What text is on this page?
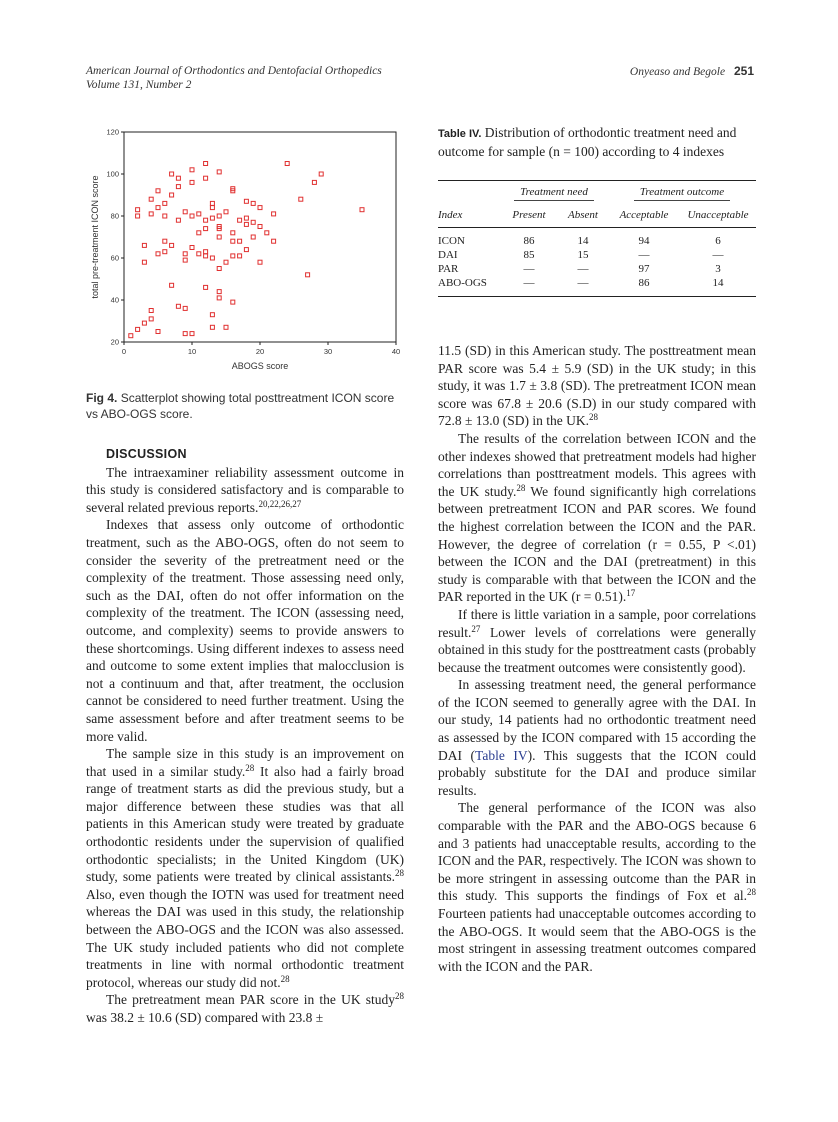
American Journal of Orthodontics and Dentofacial Orthopedics
Volume 131, Number 2
Onyeaso and Begole 251
0	10	20	30	40
20
40
60
80
100
120
ABOGS score
total pre-treatment ICON score
Fig 4. Scatterplot showing total posttreatment ICON score vs ABO-OGS score.
Table IV. Distribution of orthodontic treatment need and outcome for sample (n = 100) according to 4 indexes
	Treatment need		Treatment outcome	
Index	Present	Absent	Acceptable	Unacceptable
ICON	86	14	94	6
DAI	85	15	—	—
PAR	—	—	97	3
ABO-OGS	—	—	86	14

DISCUSSION

The intraexaminer reliability assessment outcome in this study is considered satisfactory and is comparable to several related previous reports.$^{20,22,26,27}$

Indexes that assess only outcome of orthodontic treatment, such as the ABO-OGS, often do not seem to consider the severity of the pretreatment need or the complexity of the treatment. Those assessing need only, such as the DAI, often do not offer information on the complexity of the treatment. The ICON (assessing need, outcome, and complexity) seems to provide answers to these shortcomings. Using different indexes to assess need and outcome to some extent implies that malocclusion is not a continuum and that, after treatment, the occlusion cannot be considered to need further treatment. Using the same assessment before and after treatment seems to be more valid.

The sample size in this study is an improvement on that used in a similar study.$^{28}$ It also had a fairly broad range of treatment starts as did the previous study, but a major difference between these studies was that all patients in this American study were treated by graduate orthodontic residents under the supervision of qualified orthodontic specialists; in the United Kingdom (UK) study, some patients were treated by clinical assistants.$^{28}$ Also, even though the IOTN was used for treatment need whereas the DAI was used in this study, the relationship between the ABO-OGS and the ICON was also assessed. The UK study included patients who did not complete treatments in line with normal orthodontic treatment protocol, whereas our study did not.$^{28}$

The pretreatment mean PAR score in the UK study$^{28}$ was 38.2 ± 10.6 (SD) compared with 23.8 ±

11.5 (SD) in this American study. The posttreatment mean PAR score was 5.4 ± 5.9 (SD) in the UK study; in this study, it was 1.7 ± 3.8 (SD). The pretreatment ICON mean score was 67.8 ± 20.6 (S.D) in our study compared with 72.8 ± 13.0 (SD) in the UK.$^{28}$

The results of the correlation between ICON and the other indexes showed that pretreatment models had higher correlations than posttreatment models. This agrees with the UK study.$^{28}$ We found significantly high correlations between pretreatment ICON and PAR scores. We found the highest correlation between the ICON and the PAR. However, the degree of correlation (r = 0.55, P <.01) between the ICON and the DAI (pretreatment) in this study is comparable with that between the ICON and the PAR reported in the UK (r = 0.51).$^{17}$

If there is little variation in a sample, poor correlations result.$^{27}$ Lower levels of correlations were generally obtained in this study for the posttreatment casts (probably because the treatment outcomes were consistently good).

In assessing treatment need, the general performance of the ICON seemed to generally agree with the DAI. In our study, 14 patients had no orthodontic treatment need as assessed by the ICON compared with 15 according the DAI (Table IV). This suggests that the ICON could probably substitute for the DAI and produce similar results.

The general performance of the ICON was also comparable with the PAR and the ABO-OGS because 6 and 3 patients had unacceptable results, according to the ICON and the PAR, respectively. The ICON was shown to be more stringent in assessing outcome than the PAR in this study. This supports the findings of Fox et al.$^{28}$ Fourteen patients had unacceptable outcomes according to the ABO-OGS. It would seem that the ABO-OGS is the most stringent in assessing treatment outcomes compared with the ICON and the PAR.
